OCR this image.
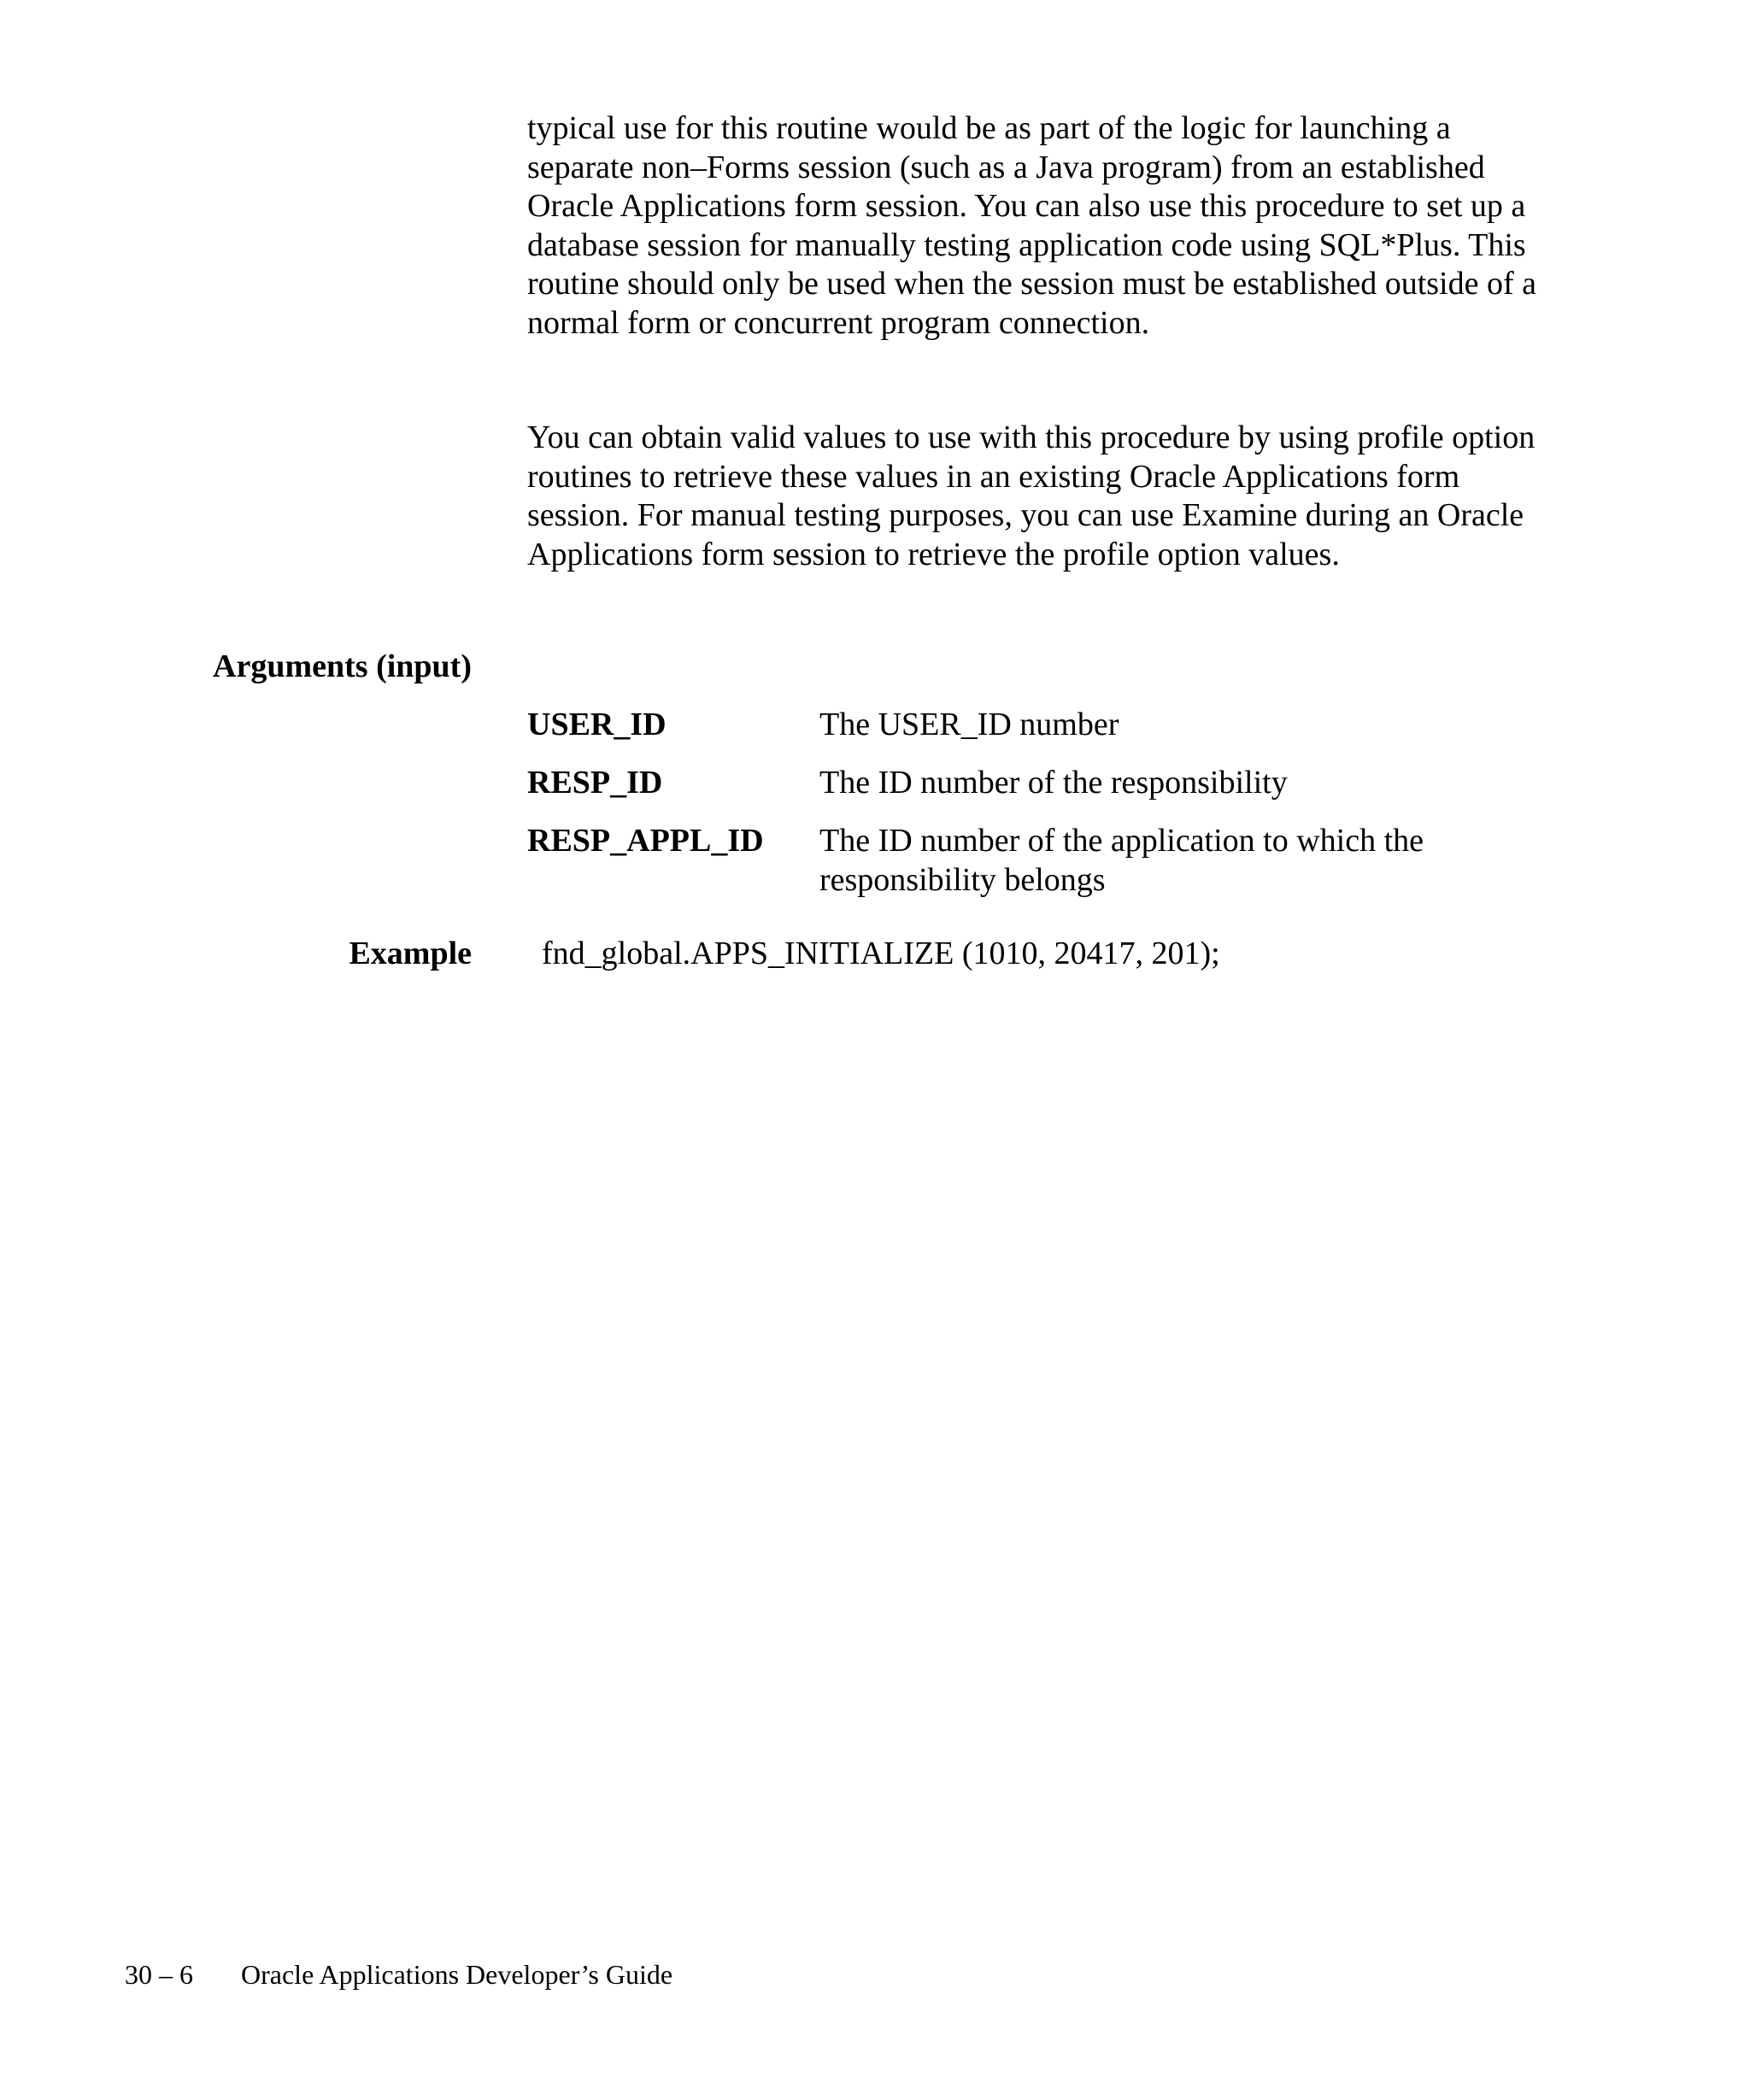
typical use for this routine would be as part of the logic for launching a separate non–Forms session (such as a Java program) from an established Oracle Applications form session. You can also use this procedure to set up a database session for manually testing application code using SQL*Plus. This routine should only be used when the session must be established outside of a normal form or concurrent program connection.

You can obtain valid values to use with this procedure by using profile option routines to retrieve these values in an existing Oracle Applications form session. For manual testing purposes, you can use Examine during an Oracle Applications form session to retrieve the profile option values.

Arguments (input)
USER_ID	The USER_ID number
RESP_ID	The ID number of the responsibility
RESP_APPL_ID	The ID number of the application to which the responsibility belongs
Example fnd_global.APPS_INITIALIZE (1010, 20417, 201);
30 – 6 Oracle Applications Developer’s Guide
